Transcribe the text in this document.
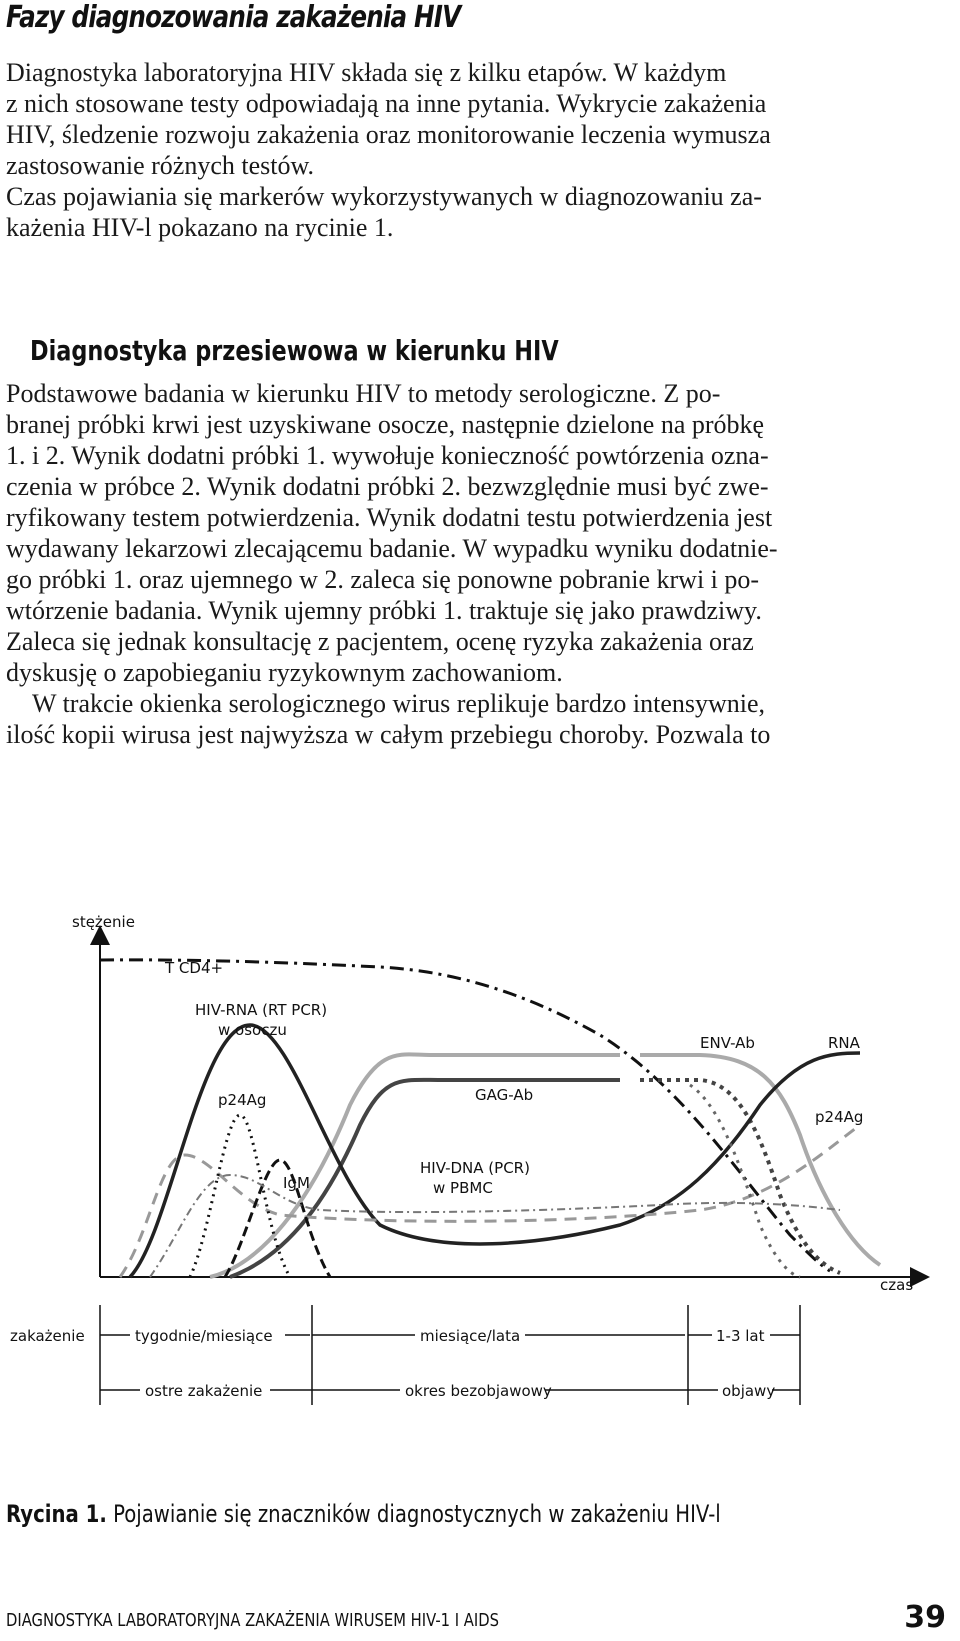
Fazy diagnozowania zakażenia HIV
Diagnostyka laboratoryjna HIV składa się z kilku etapów. W każdym
z nich stosowane testy odpowiadają na inne pytania. Wykrycie zakażenia
HIV, śledzenie rozwoju zakażenia oraz monitorowanie leczenia wymusza
zastosowanie różnych testów.
Czas pojawiania się markerów wykorzystywanych w diagnozowaniu za-
każenia HIV-l pokazano na rycinie 1.
Diagnostyka przesiewowa w kierunku HIV
Podstawowe badania w kierunku HIV to metody serologiczne. Z po-
branej próbki krwi jest uzyskiwane osocze, następnie dzielone na próbkę
1. i 2. Wynik dodatni próbki 1. wywołuje konieczność powtórzenia ozna-
czenia w próbce 2. Wynik dodatni próbki 2. bezwzględnie musi być zwe-
ryfikowany testem potwierdzenia. Wynik dodatni testu potwierdzenia jest
wydawany lekarzowi zlecającemu badanie. W wypadku wyniku dodatnie-
go próbki 1. oraz ujemnego w 2. zaleca się ponowne pobranie krwi i po-
wtórzenie badania. Wynik ujemny próbki 1. traktuje się jako prawdziwy.
Zaleca się jednak konsultację z pacjentem, ocenę ryzyka zakażenia oraz
dyskusję o zapobieganiu ryzykownym zachowaniom.
W trakcie okienka serologicznego wirus replikuje bardzo intensywnie,
ilość kopii wirusa jest najwyższa w całym przebiegu choroby. Pozwala to
stężenie
czas
T CD4+
HIV-RNA (RT PCR)
w osoczu
ENV-Ab	RNA
p24Ag	GAG-Ab
p24Ag
IgM
HIV-DNA (PCR)
w PBMC
zakażenie	tygodnie/miesiące	miesiące/lata	1-3 lat
ostre zakażenie	okres bezobjawowy	objawy
Rycina 1. Pojawianie się znaczników diagnostycznych w zakażeniu HIV-l
DIAGNOSTYKA LABORATORYJNA ZAKAŻENIA WIRUSEM HIV-1 I AIDS	39
